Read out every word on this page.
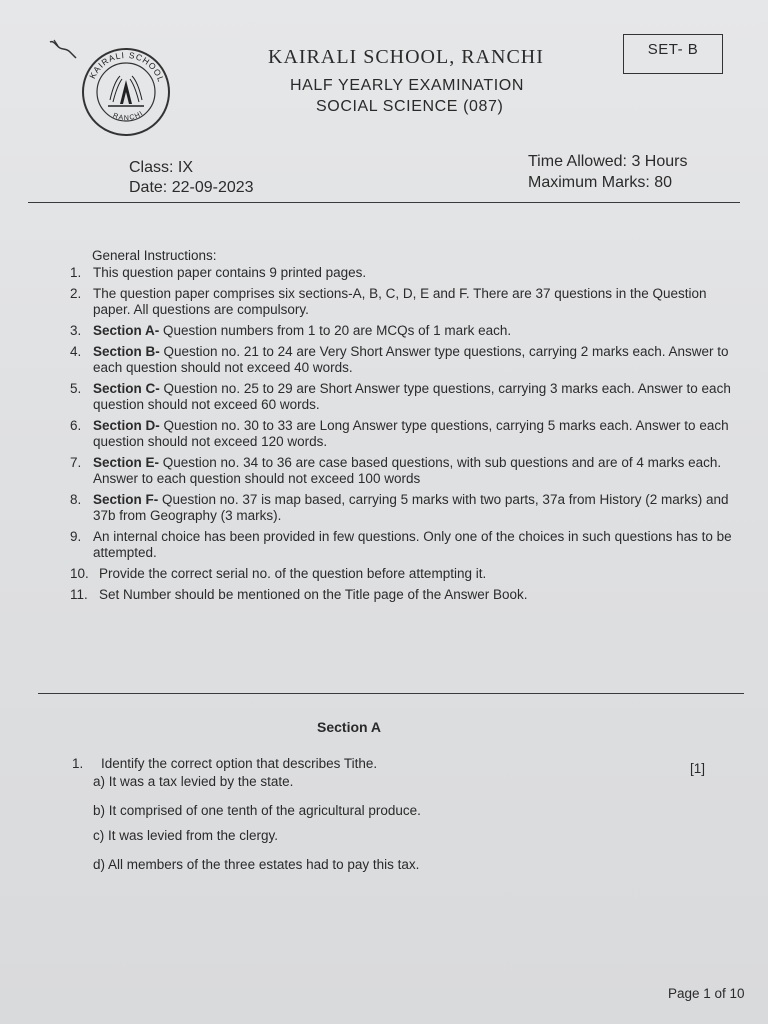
KAIRALI SCHOOL
RANCHI
KAIRALI SCHOOL, RANCHI
HALF YEARLY EXAMINATION
SOCIAL SCIENCE (087)
SET- B
Class: IX
Date: 22-09-2023
Time Allowed: 3 Hours
Maximum Marks: 80
General Instructions:
1. This question paper contains 9 printed pages.
2. The question paper comprises six sections-A, B, C, D, E and F. There are 37 questions in the Question paper. All questions are compulsory.
3. Section A- Question numbers from 1 to 20 are MCQs of 1 mark each.
4. Section B- Question no. 21 to 24 are Very Short Answer type questions, carrying 2 marks each. Answer to each question should not exceed 40 words.
5. Section C- Question no. 25 to 29 are Short Answer type questions, carrying 3 marks each. Answer to each question should not exceed 60 words.
6. Section D- Question no. 30 to 33 are Long Answer type questions, carrying 5 marks each. Answer to each question should not exceed 120 words.
7. Section E- Question no. 34 to 36 are case based questions, with sub questions and are of 4 marks each. Answer to each question should not exceed 100 words
8. Section F- Question no. 37 is map based, carrying 5 marks with two parts, 37a from History (2 marks) and 37b from Geography (3 marks).
9. An internal choice has been provided in few questions. Only one of the choices in such questions has to be attempted.
10. Provide the correct serial no. of the question before attempting it.
11. Set Number should be mentioned on the Title page of the Answer Book.
Section A
1. Identify the correct option that describes Tithe.	[1]
a) It was a tax levied by the state.
b) It comprised of one tenth of the agricultural produce.
c) It was levied from the clergy.
d) All members of the three estates had to pay this tax.
Page 1 of 10
